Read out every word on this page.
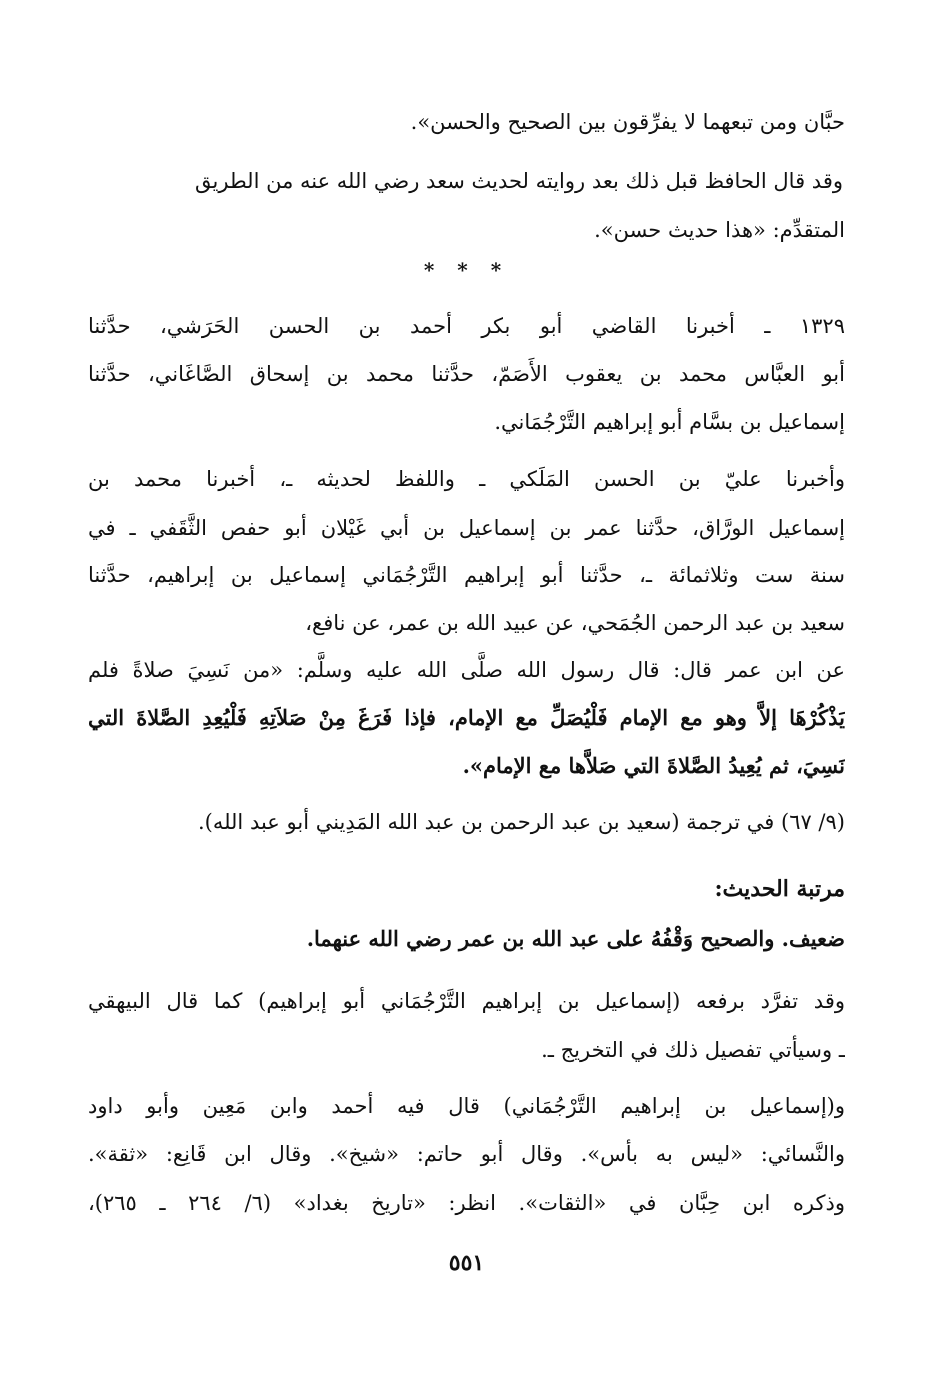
حبَّان ومن تبعهما لا يفرِّقون بين الصحيح والحسن».
وقد قال الحافظ قبل ذلك بعد روايته لحديث سعد رضي الله عنه من الطريق
المتقدِّم: «هذا حديث حسن».
* * *
١٣٢٩ ـ أخبرنا القاضي أبو بكر أحمد بن الحسن الحَرَشي، حدَّثنا
أبو العبَّاس محمد بن يعقوب الأَصَمّ، حدَّثنا محمد بن إسحاق الصَّاغَاني، حدَّثنا
إسماعيل بن بسَّام أبو إبراهيم التَّرْجُمَاني.
وأخبرنا عليّ بن الحسن المَلَكي ـ واللفظ لحديثه ـ، أخبرنا محمد بن
إسماعيل الورَّاق، حدَّثنا عمر بن إسماعيل بن أبي غَيْلان أبو حفص الثَّقَفي ـ في
سنة ست وثلاثمائة ـ، حدَّثنا أبو إبراهيم التَّرْجُمَاني إسماعيل بن إبراهيم، حدَّثنا
سعيد بن عبد الرحمن الجُمَحي، عن عبيد الله بن عمر، عن نافع،
عن ابن عمر قال: قال رسول الله صلَّى الله عليه وسلَّم: «من نَسِيَ صلاةً فلم
يَذْكُرْهَا إلاَّ وهو مع الإمام فَلْيُصَلِّ مع الإمام، فإذا فَرَغَ مِنْ صَلاَتِهِ فَلْيُعِدِ الصَّلاةَ التي
نَسِيَ، ثم يُعِيدُ الصَّلاةَ التي صَلاَّها مع الإمام».
(٩/ ٦٧) في ترجمة (سعيد بن عبد الرحمن بن عبد الله المَدِيني أبو عبد الله).
مرتبة الحديث:
ضعيف. والصحيح وَقْفُهُ على عبد الله بن عمر رضي الله عنهما.
وقد تفرَّد برفعه (إسماعيل بن إبراهيم التَّرْجُمَاني أبو إبراهيم) كما قال البيهقي
ـ وسيأتي تفصيل ذلك في التخريج ـ.
و(إسماعيل بن إبراهيم التَّرْجُمَاني) قال فيه أحمد وابن مَعِين وأبو داود
والنَّسائي: «ليس به بأس». وقال أبو حاتم: «شيخ». وقال ابن قَانِع: «ثقة».
وذكره ابن حِبَّان في «الثقات». انظر: «تاريخ بغداد» (٦/ ٢٦٤ ـ ٢٦٥)،
٥٥١
